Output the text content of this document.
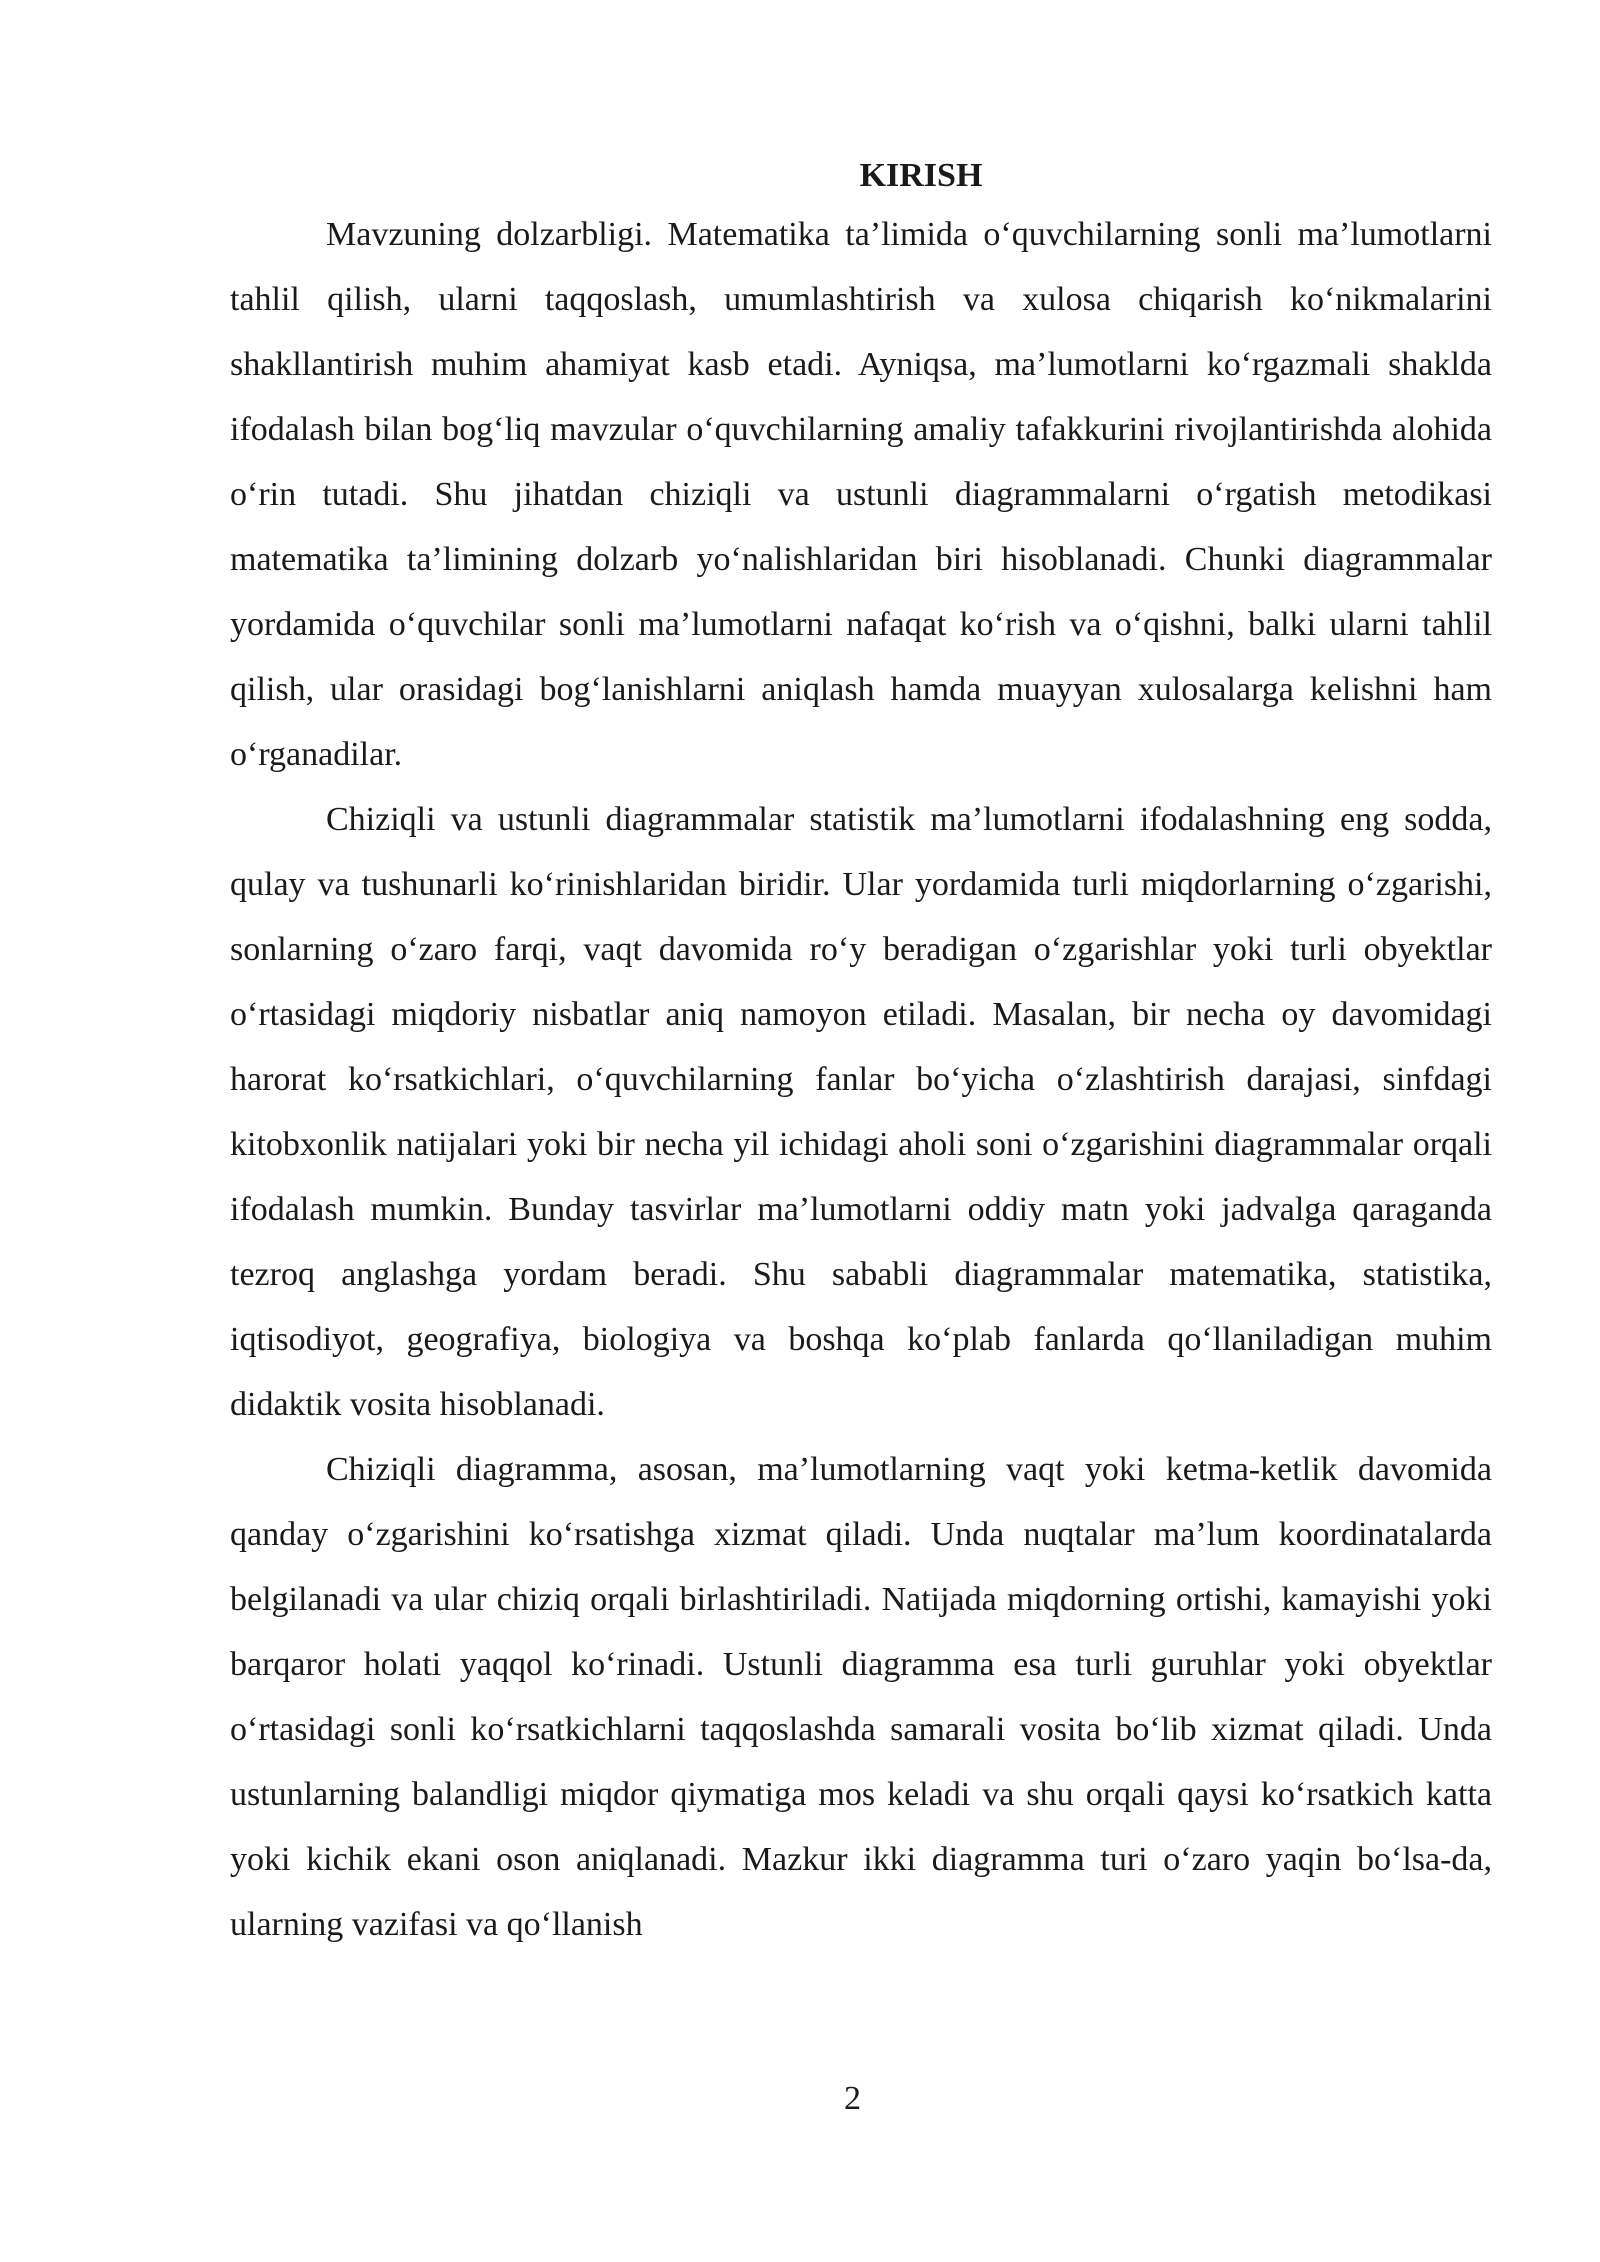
KIRISH

Mavzuning dolzarbligi. Matematika ta’limida o‘quvchilarning sonli ma’lumotlarni tahlil qilish, ularni taqqoslash, umumlashtirish va xulosa chiqarish ko‘nikmalarini shakllantirish muhim ahamiyat kasb etadi. Ayniqsa, ma’lumotlarni ko‘rgazmali shaklda ifodalash bilan bog‘liq mavzular o‘quvchilarning amaliy tafakkurini rivojlantirishda alohida o‘rin tutadi. Shu jihatdan chiziqli va ustunli diagrammalarni o‘rgatish metodikasi matematika ta’limining dolzarb yo‘nalishlaridan biri hisoblanadi. Chunki diagrammalar yordamida o‘quvchilar sonli ma’lumotlarni nafaqat ko‘rish va o‘qishni, balki ularni tahlil qilish, ular orasidagi bog‘lanishlarni aniqlash hamda muayyan xulosalarga kelishni ham o‘rganadilar.

Chiziqli va ustunli diagrammalar statistik ma’lumotlarni ifodalashning eng sodda, qulay va tushunarli ko‘rinishlaridan biridir. Ular yordamida turli miqdorlarning o‘zgarishi, sonlarning o‘zaro farqi, vaqt davomida ro‘y beradigan o‘zgarishlar yoki turli obyektlar o‘rtasidagi miqdoriy nisbatlar aniq namoyon etiladi. Masalan, bir necha oy davomidagi harorat ko‘rsatkichlari, o‘quvchilarning fanlar bo‘yicha o‘zlashtirish darajasi, sinfdagi kitobxonlik natijalari yoki bir necha yil ichidagi aholi soni o‘zgarishini diagrammalar orqali ifodalash mumkin. Bunday tasvirlar ma’lumotlarni oddiy matn yoki jadvalga qaraganda tezroq anglashga yordam beradi. Shu sababli diagrammalar matematika, statistika, iqtisodiyot, geografiya, biologiya va boshqa ko‘plab fanlarda qo‘llaniladigan muhim didaktik vosita hisoblanadi.

Chiziqli diagramma, asosan, ma’lumotlarning vaqt yoki ketma-ketlik davomida qanday o‘zgarishini ko‘rsatishga xizmat qiladi. Unda nuqtalar ma’lum koordinatalarda belgilanadi va ular chiziq orqali birlashtiriladi. Natijada miqdorning ortishi, kamayishi yoki barqaror holati yaqqol ko‘rinadi. Ustunli diagramma esa turli guruhlar yoki obyektlar o‘rtasidagi sonli ko‘rsatkichlarni taqqoslashda samarali vosita bo‘lib xizmat qiladi. Unda ustunlarning balandligi miqdor qiymatiga mos keladi va shu orqali qaysi ko‘rsatkich katta yoki kichik ekani oson aniqlanadi. Mazkur ikki diagramma turi o‘zaro yaqin bo‘lsa-da, ularning vazifasi va qo‘llanish

2
